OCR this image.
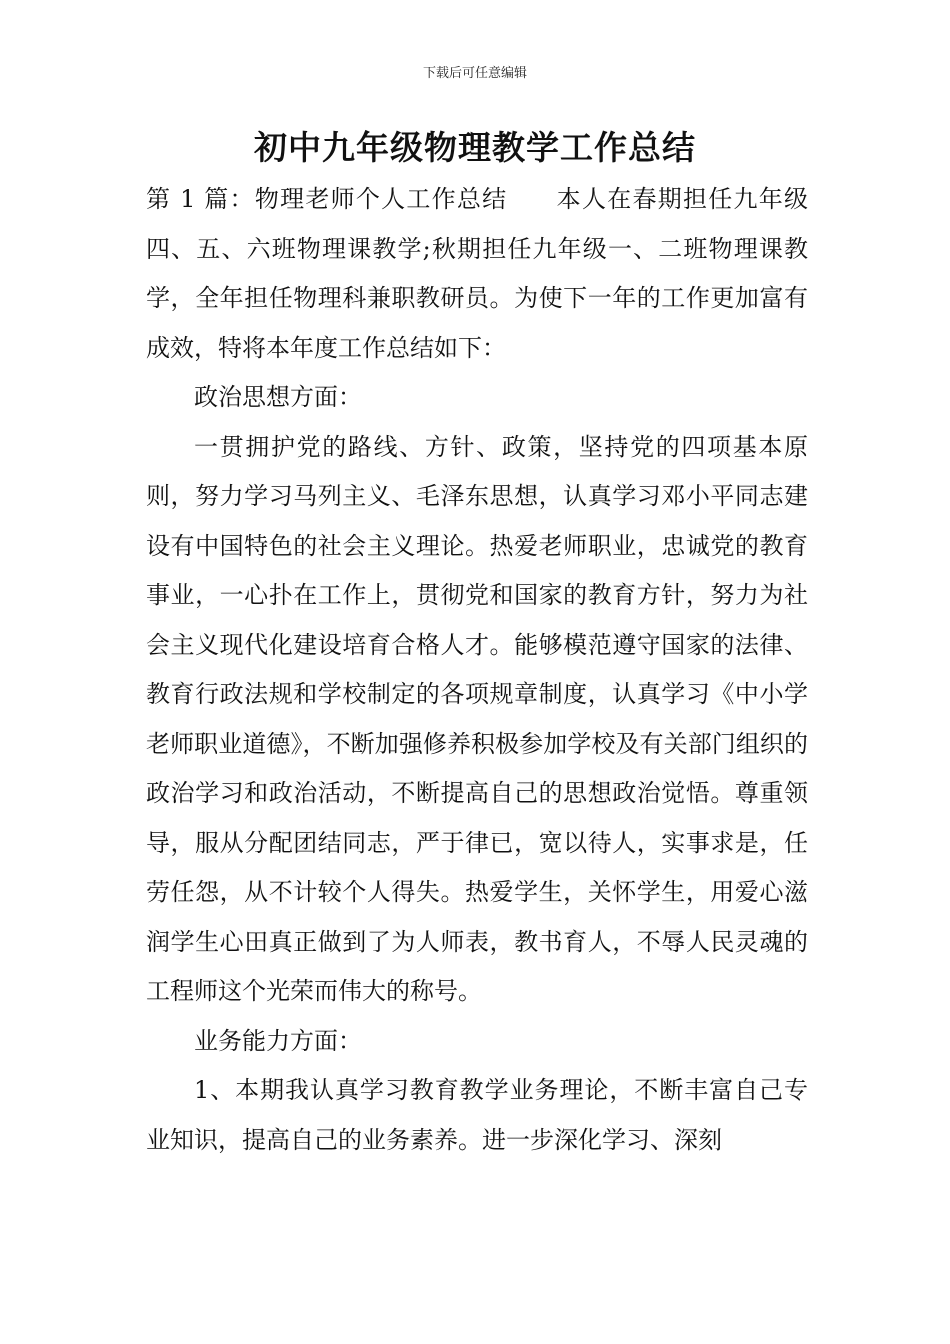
下载后可任意编辑
初中九年级物理教学工作总结

第 1 篇：物理老师个人工作总结 本人在春期担任九年级四、五、六班物理课教学;秋期担任九年级一、二班物理课教学，全年担任物理科兼职教研员。为使下一年的工作更加富有成效，特将本年度工作总结如下：

政治思想方面：

一贯拥护党的路线、方针、政策，坚持党的四项基本原则，努力学习马列主义、毛泽东思想，认真学习邓小平同志建设有中国特色的社会主义理论。热爱老师职业，忠诚党的教育事业，一心扑在工作上，贯彻党和国家的教育方针，努力为社会主义现代化建设培育合格人才。能够模范遵守国家的法律、教育行政法规和学校制定的各项规章制度，认真学习《中小学老师职业道德》，不断加强修养积极参加学校及有关部门组织的政治学习和政治活动，不断提高自己的思想政治觉悟。尊重领导，服从分配团结同志，严于律已，宽以待人，实事求是，任劳任怨，从不计较个人得失。热爱学生，关怀学生，用爱心滋润学生心田真正做到了为人师表，教书育人，不辱人民灵魂的工程师这个光荣而伟大的称号。

业务能力方面：

1、本期我认真学习教育教学业务理论，不断丰富自己专业知识，提高自己的业务素养。进一步深化学习、深刻
